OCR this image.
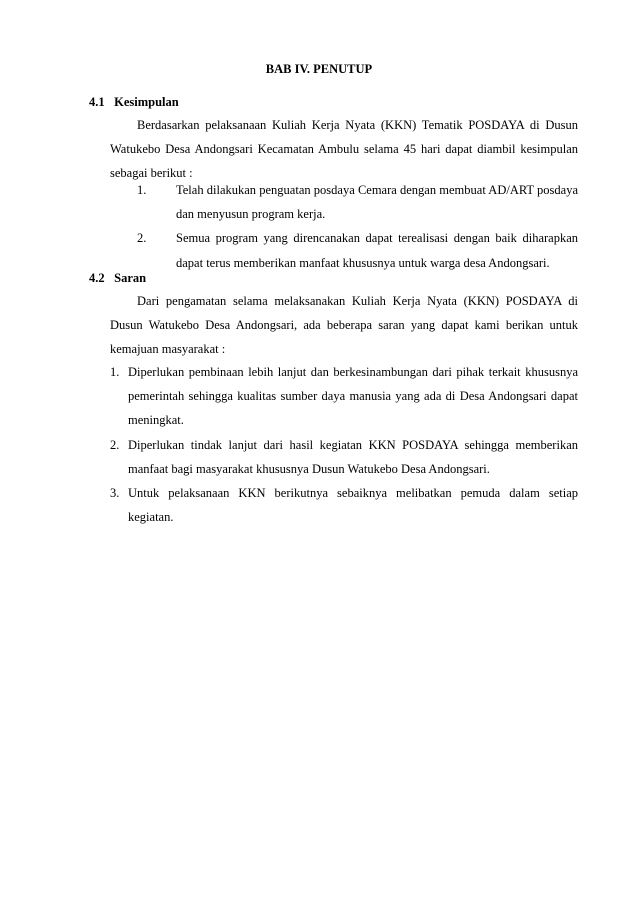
BAB IV. PENUTUP
4.1 Kesimpulan
Berdasarkan pelaksanaan Kuliah Kerja Nyata (KKN) Tematik POSDAYA di Dusun Watukebo Desa Andongsari Kecamatan Ambulu selama 45 hari dapat diambil kesimpulan sebagai berikut :
1. Telah dilakukan penguatan posdaya Cemara dengan membuat AD/ART posdaya dan menyusun program kerja.
2. Semua program yang direncanakan dapat terealisasi dengan baik diharapkan dapat terus memberikan manfaat khususnya untuk warga desa Andongsari.
4.2 Saran
Dari pengamatan selama melaksanakan Kuliah Kerja Nyata (KKN) POSDAYA di Dusun Watukebo Desa Andongsari, ada beberapa saran yang dapat kami berikan untuk kemajuan masyarakat :
1. Diperlukan pembinaan lebih lanjut dan berkesinambungan dari pihak terkait khususnya pemerintah sehingga kualitas sumber daya manusia yang ada di Desa Andongsari dapat meningkat.
2. Diperlukan tindak lanjut dari hasil kegiatan KKN POSDAYA sehingga memberikan manfaat bagi masyarakat khususnya Dusun Watukebo Desa Andongsari.
3. Untuk pelaksanaan KKN berikutnya sebaiknya melibatkan pemuda dalam setiap kegiatan.
